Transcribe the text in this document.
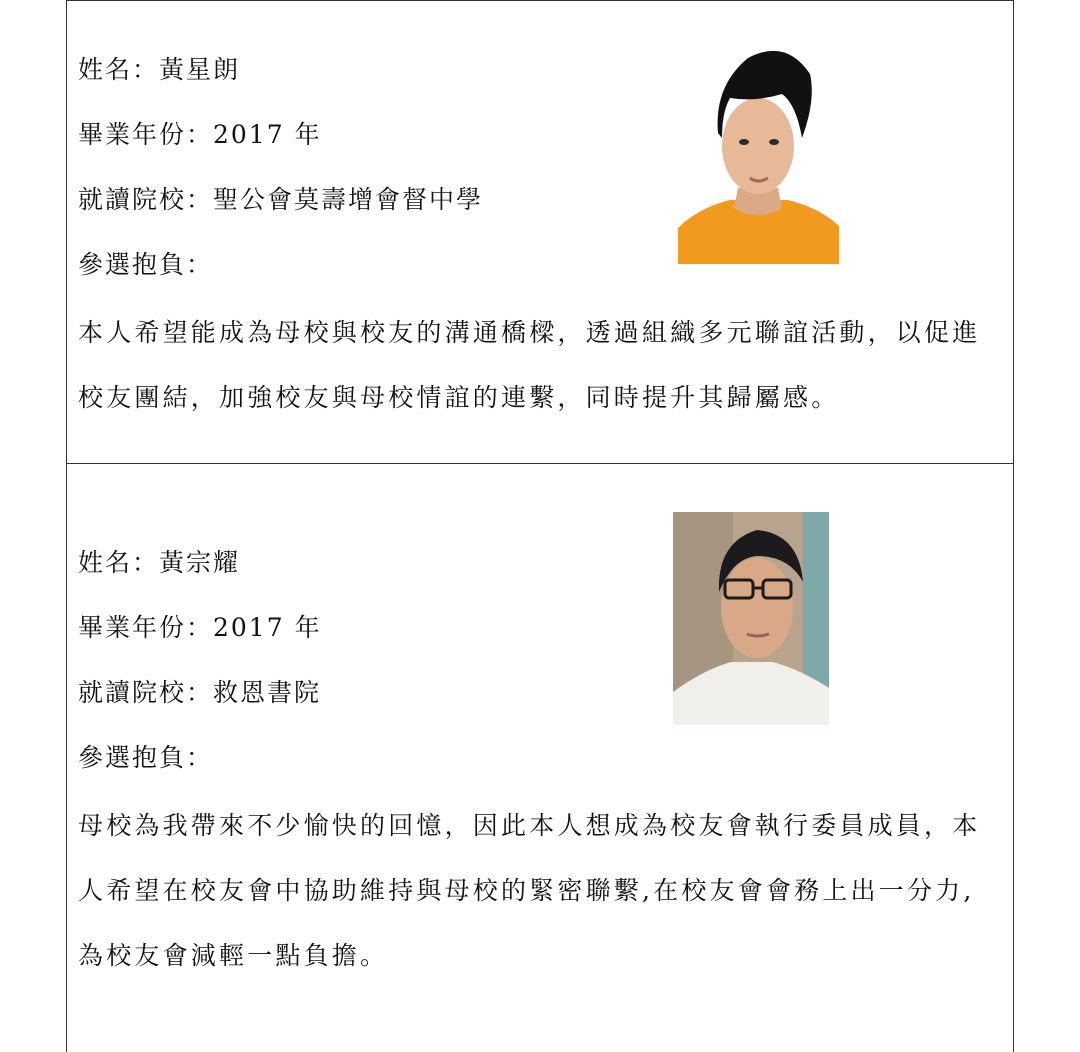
姓名：黃星朗
畢業年份：2017 年
就讀院校：聖公會莫壽增會督中學
參選抱負：
本人希望能成為母校與校友的溝通橋樑，透過組織多元聯誼活動，以促進
校友團結，加強校友與母校情誼的連繫，同時提升其歸屬感。
姓名：黃宗耀
畢業年份：2017 年
就讀院校：救恩書院
參選抱負：
母校為我帶來不少愉快的回憶，因此本人想成為校友會執行委員成員，本
人希望在校友會中協助維持與母校的緊密聯繫,在校友會會務上出一分力,
為校友會減輕一點負擔。
